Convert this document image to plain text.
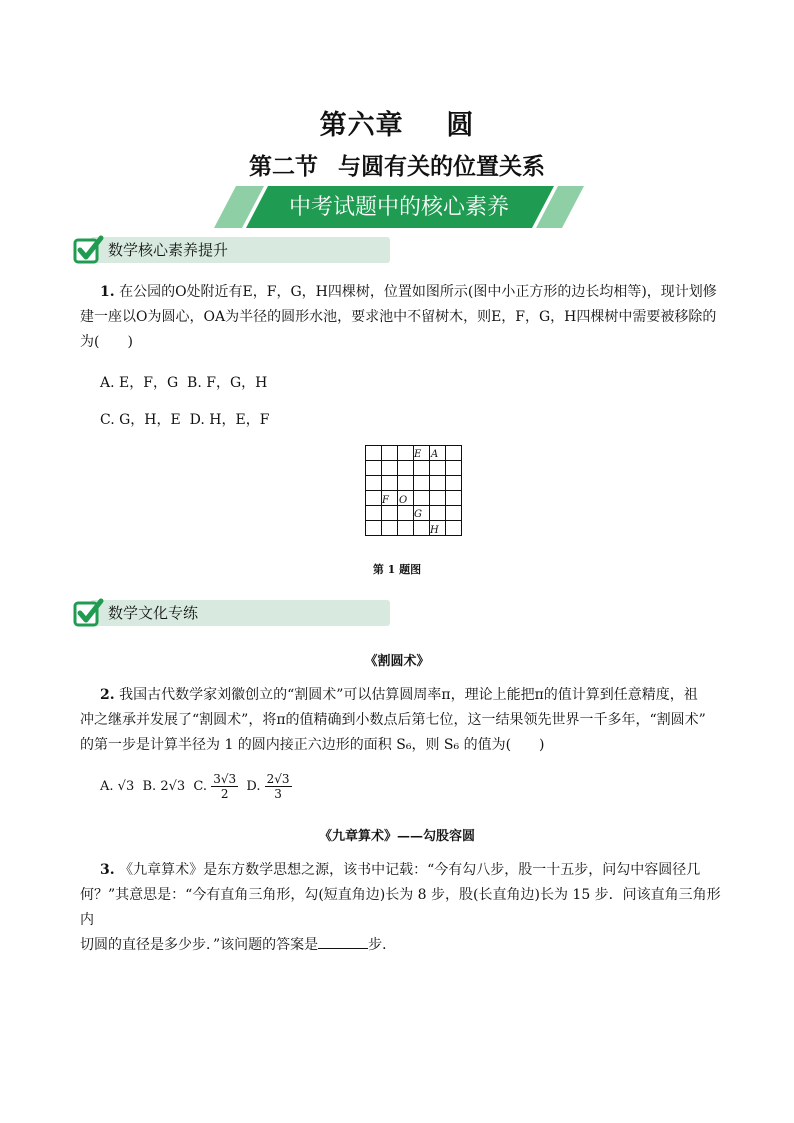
第六章 圆
第二节 与圆有关的位置关系
中考试题中的核心素养
数学核心素养提升
1. 在公园的O处附近有E，F，G，H四棵树，位置如图所示(图中小正方形的边长均相等)，现计划修
建一座以O为圆心，OA为半径的圆形水池，要求池中不留树木，则E，F，G，H四棵树中需要被移除的
为(　　)
A. E，F，G B. F，G，H
C. G，H，E D. H，E，F
E A
F O
G
H
第 1 题图
数学文化专练
《割圆术》
2. 我国古代数学家刘徽创立的“割圆术”可以估算圆周率π，理论上能把π的值计算到任意精度，祖
冲之继承并发展了“割圆术”，将π的值精确到小数点后第七位，这一结果领先世界一千多年，“割圆术”
的第一步是计算半径为 1 的圆内接正六边形的面积 S₆，则 S₆ 的值为(　　)
A. √3 B. 2√3 C. $\frac{3√3}{2} D$. $\frac{2√3}{3}$
《九章算术》——勾股容圆
3. 《九章算术》是东方数学思想之源，该书中记载：“今有勾八步，股一十五步，问勾中容圆径几
何？”其意思是：“今有直角三角形，勾(短直角边)长为 8 步，股(长直角边)长为 15 步．问该直角三角形内
切圆的直径是多少步．”该问题的答案是	步．
